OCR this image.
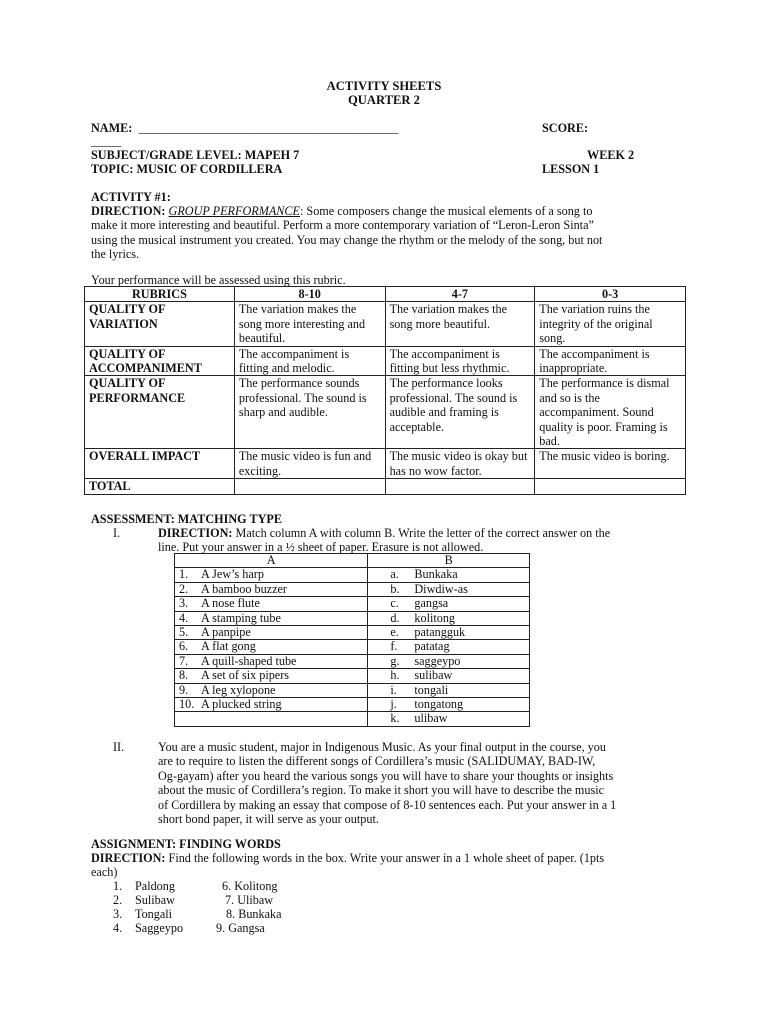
ACTIVITY SHEETS
QUARTER 2
NAME: ____________________________________________	SCORE:
_____
SUBJECT/GRADE LEVEL: MAPEH 7	WEEK 2
TOPIC: MUSIC OF CORDILLERA	LESSON 1
ACTIVITY #1:
DIRECTION: GROUP PERFORMANCE: Some composers change the musical elements of a song to
make it more interesting and beautiful. Perform a more contemporary variation of “Leron-Leron Sinta”
using the musical instrument you created. You may change the rhythm or the melody of the song, but not
the lyrics.
Your performance will be assessed using this rubric.
RUBRICS	8-10	4-7	0-3
QUALITY OF VARIATION	The variation makes the song more interesting and beautiful.	The variation makes the song more beautiful.	The variation ruins the integrity of the original song.
QUALITY OF ACCOMPANIMENT	The accompaniment is fitting and melodic.	The accompaniment is fitting but less rhythmic.	The accompaniment is inappropriate.
QUALITY OF PERFORMANCE	The performance sounds professional. The sound is sharp and audible.	The performance looks professional. The sound is audible and framing is acceptable.	The performance is dismal and so is the accompaniment. Sound quality is poor. Framing is bad.
OVERALL IMPACT	The music video is fun and exciting.	The music video is okay but has no wow factor.	The music video is boring.
TOTAL			
ASSESSMENT: MATCHING TYPE
I.	DIRECTION: Match column A with column B. Write the letter of the correct answer on the
line. Put your answer in a ½ sheet of paper. Erasure is not allowed.
A	B
1. A Jew’s harp	a. Bunkaka
2. A bamboo buzzer	b. Diwdiw-as
3. A nose flute	c. gangsa
4. A stamping tube	d. kolitong
5. A panpipe	e. patangguk
6. A flat gong	f. patatag
7. A quill-shaped tube	g. saggeypo
8. A set of six pipers	h. sulibaw
9. A leg xylopone	i. tongali
10. A plucked string	j. tongatong
	k. ulibaw
II.	You are a music student, major in Indigenous Music. As your final output in the course, you
are to require to listen the different songs of Cordillera’s music (SALIDUMAY, BAD-IW,
Og-gayam) after you heard the various songs you will have to share your thoughts or insights
about the music of Cordillera’s region. To make it short you will have to describe the music
of Cordillera by making an essay that compose of 8-10 sentences each. Put your answer in a 1
short bond paper, it will serve as your output.
ASSIGNMENT: FINDING WORDS
DIRECTION: Find the following words in the box. Write your answer in a 1 whole sheet of paper. (1pts
each)
1. Paldong	6. Kolitong
2. Sulibaw	7. Ulibaw
3. Tongali	8. Bunkaka
4. Saggeypo	9. Gangsa
